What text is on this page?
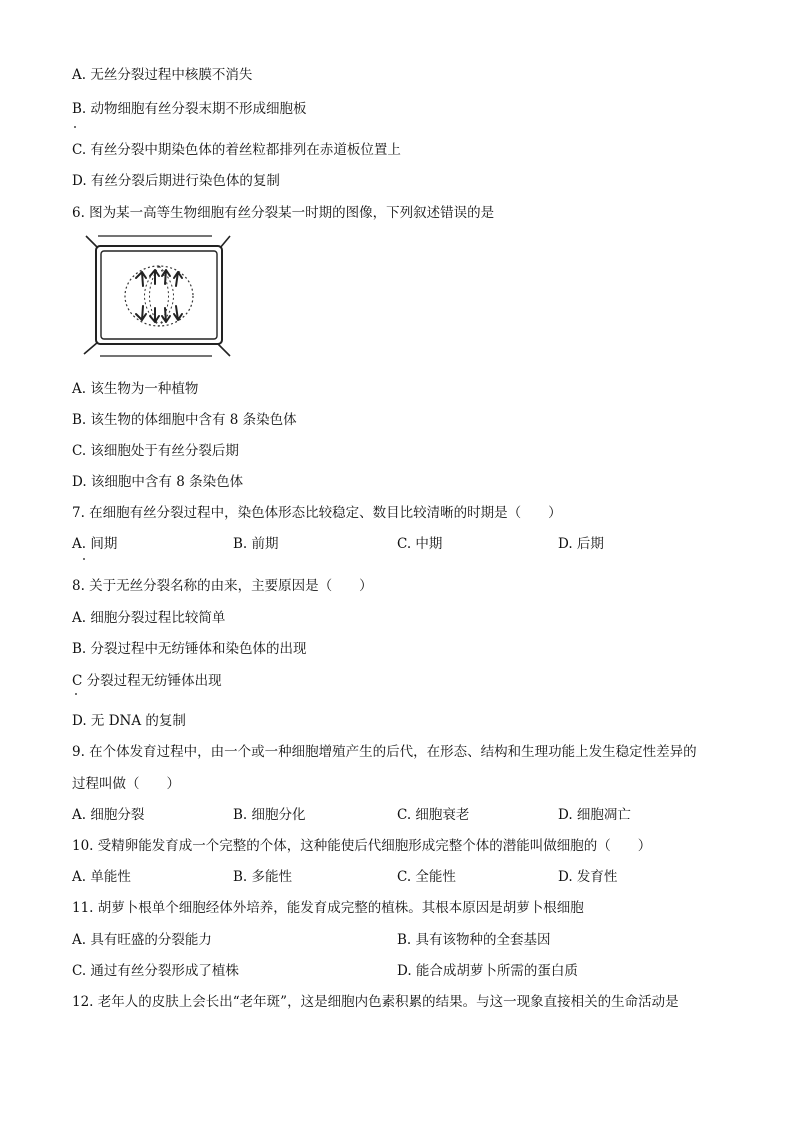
A. 无丝分裂过程中核膜不消失
B. 动物细胞有丝分裂末期不形成细胞板
C. 有丝分裂中期染色体的着丝粒都排列在赤道板位置上
D. 有丝分裂后期进行染色体的复制
6. 图为某一高等生物细胞有丝分裂某一时期的图像，下列叙述错误的是
A. 该生物为一种植物
B. 该生物的体细胞中含有 8 条染色体
C. 该细胞处于有丝分裂后期
D. 该细胞中含有 8 条染色体
7. 在细胞有丝分裂过程中，染色体形态比较稳定、数目比较清晰的时期是（　　）
A. 间期	B. 前期	C. 中期	D. 后期
8. 关于无丝分裂名称的由来，主要原因是（　　）
A. 细胞分裂过程比较简单
B. 分裂过程中无纺锤体和染色体的出现
C 分裂过程无纺锤体出现
D. 无 DNA 的复制
9. 在个体发育过程中，由一个或一种细胞增殖产生的后代，在形态、结构和生理功能上发生稳定性差异的
过程叫做（　　）
A. 细胞分裂	B. 细胞分化	C. 细胞衰老	D. 细胞凋亡
10. 受精卵能发育成一个完整的个体，这种能使后代细胞形成完整个体的潜能叫做细胞的（　　）
A. 单能性	B. 多能性	C. 全能性	D. 发育性
11. 胡萝卜根单个细胞经体外培养，能发育成完整的植株。其根本原因是胡萝卜根细胞
A. 具有旺盛的分裂能力	B. 具有该物种的全套基因
C. 通过有丝分裂形成了植株	D. 能合成胡萝卜所需的蛋白质
12. 老年人的皮肤上会长出“老年斑”，这是细胞内色素积累的结果。与这一现象直接相关的生命活动是
